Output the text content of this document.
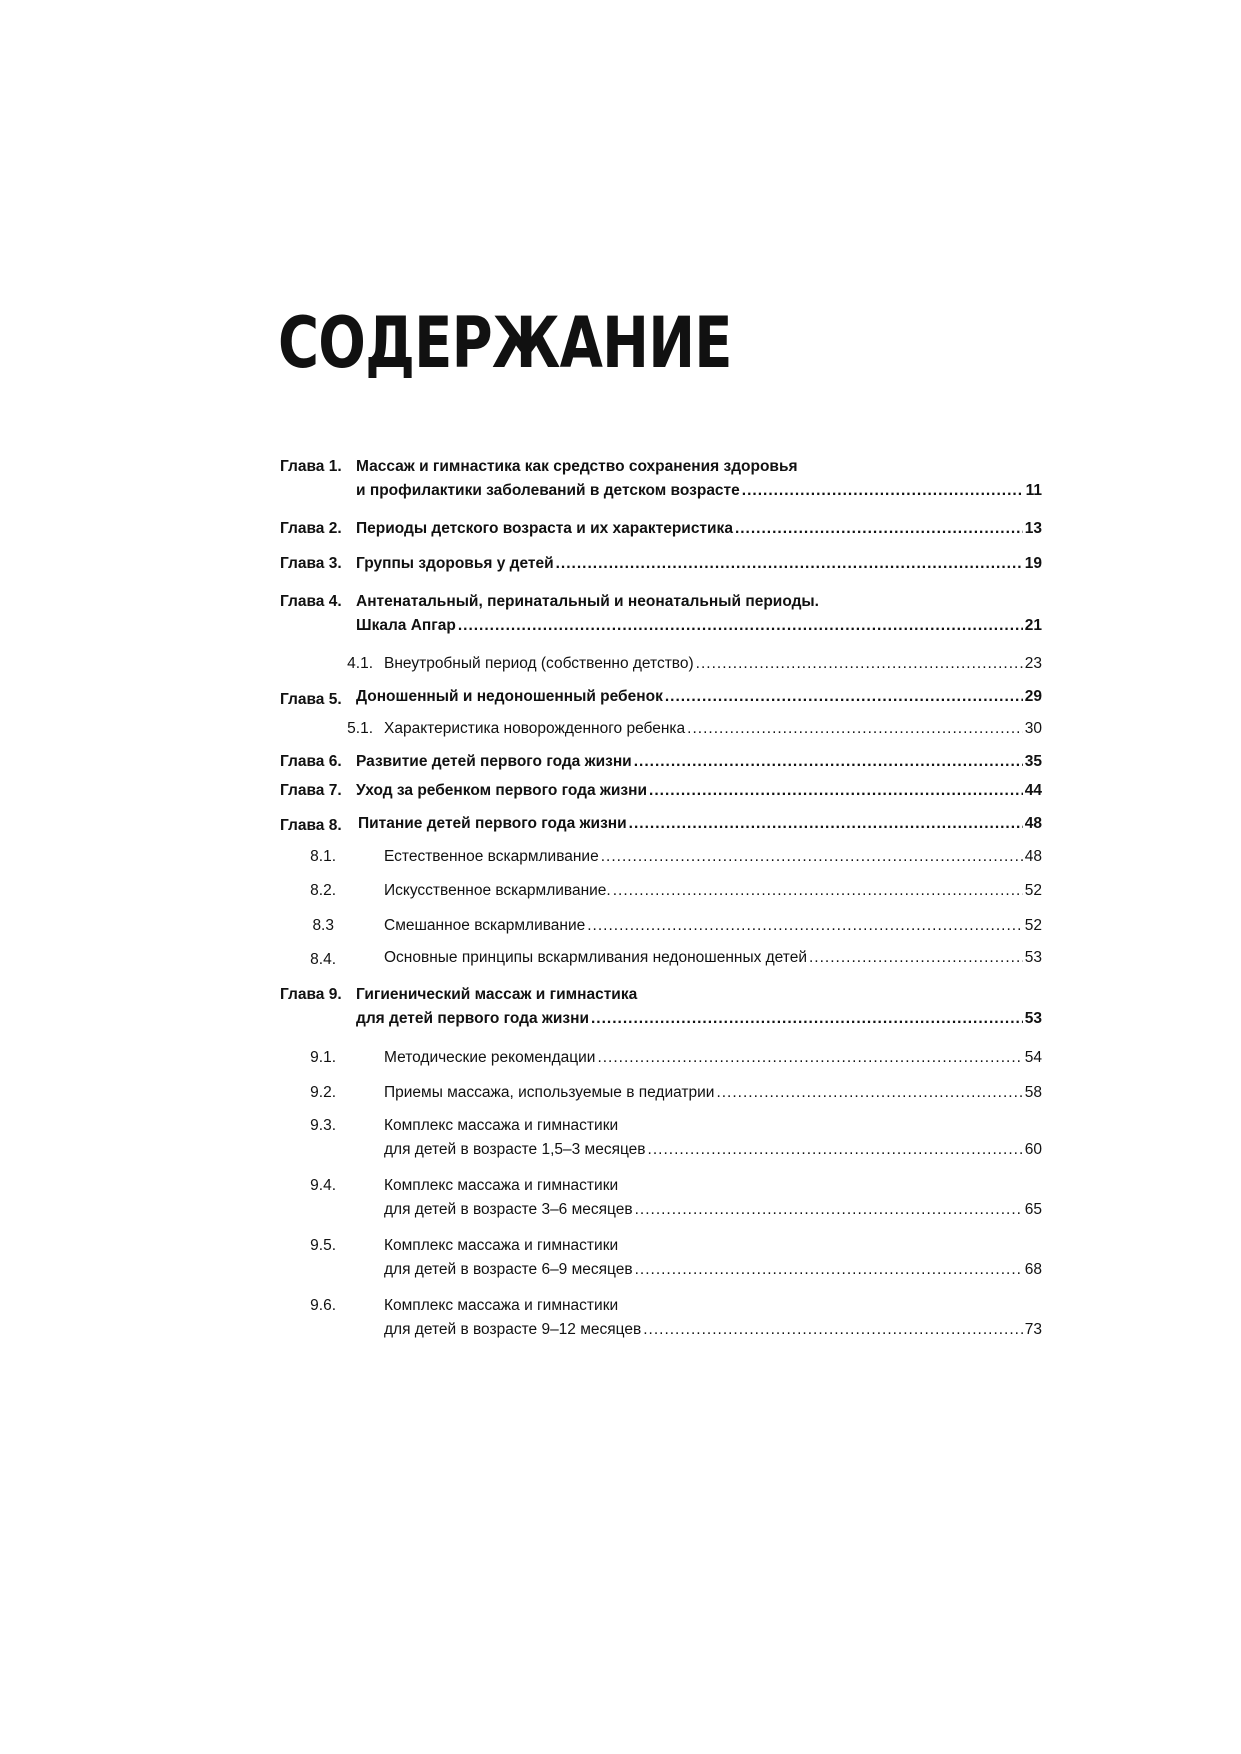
СОДЕРЖАНИЕ
Глава 1. Массаж и гимнастика как средство сохранения здоровья
и профилактики заболеваний в детском возрасте .....	11
Глава 2. Периоды детского возраста и их характеристика .....	13
Глава 3. Группы здоровья у детей .....	19
Глава 4. Антенатальный, перинатальный и неонатальный периоды.
Шкала Апгар .....	21
4.1. Внеутробный период (собственно детство) .....	23
Глава 5. Доношенный и недоношенный ребенок .....	29
5.1. Характеристика новорожденного ребенка .....	30
Глава 6. Развитие детей первого года жизни .....	35
Глава 7. Уход за ребенком первого года жизни .....	44
Глава 8. Питание детей первого года жизни .....	48
8.1.	Естественное вскармливание .....	48
8.2.	Искусственное вскармливание. .....	52
8.3	Смешанное вскармливание .....	52
8.4.	Основные принципы вскармливания недоношенных детей .....	53
Глава 9. Гигиенический массаж и гимнастика
для детей первого года жизни .....	53
9.1.	Методические рекомендации .....	54
9.2.	Приемы массажа, используемые в педиатрии .....	58
9.3.	Комплекс массажа и гимнастики
для детей в возрасте 1,5–3 месяцев .....	60
9.4.	Комплекс массажа и гимнастики
для детей в возрасте 3–6 месяцев .....	65
9.5.	Комплекс массажа и гимнастики
для детей в возрасте 6–9 месяцев .....	68
9.6.	Комплекс массажа и гимнастики
для детей в возрасте 9–12 месяцев .....	73
